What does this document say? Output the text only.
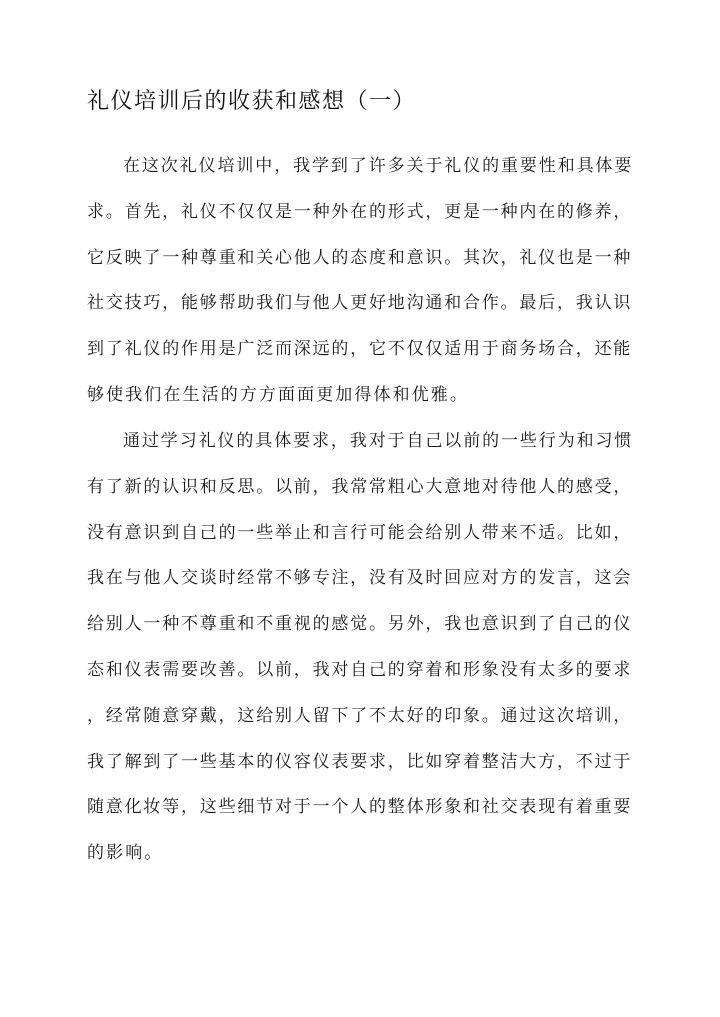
礼仪培训后的收获和感想（一）
在这次礼仪培训中，我学到了许多关于礼仪的重要性和具体要
求。首先，礼仪不仅仅是一种外在的形式，更是一种内在的修养，
它反映了一种尊重和关心他人的态度和意识。其次，礼仪也是一种
社交技巧，能够帮助我们与他人更好地沟通和合作。最后，我认识
到了礼仪的作用是广泛而深远的，它不仅仅适用于商务场合，还能
够使我们在生活的方方面面更加得体和优雅。
通过学习礼仪的具体要求，我对于自己以前的一些行为和习惯
有了新的认识和反思。以前，我常常粗心大意地对待他人的感受，
没有意识到自己的一些举止和言行可能会给别人带来不适。比如，
我在与他人交谈时经常不够专注，没有及时回应对方的发言，这会
给别人一种不尊重和不重视的感觉。另外，我也意识到了自己的仪
态和仪表需要改善。以前，我对自己的穿着和形象没有太多的要求
，经常随意穿戴，这给别人留下了不太好的印象。通过这次培训，
我了解到了一些基本的仪容仪表要求，比如穿着整洁大方，不过于
随意化妆等，这些细节对于一个人的整体形象和社交表现有着重要
的影响。
